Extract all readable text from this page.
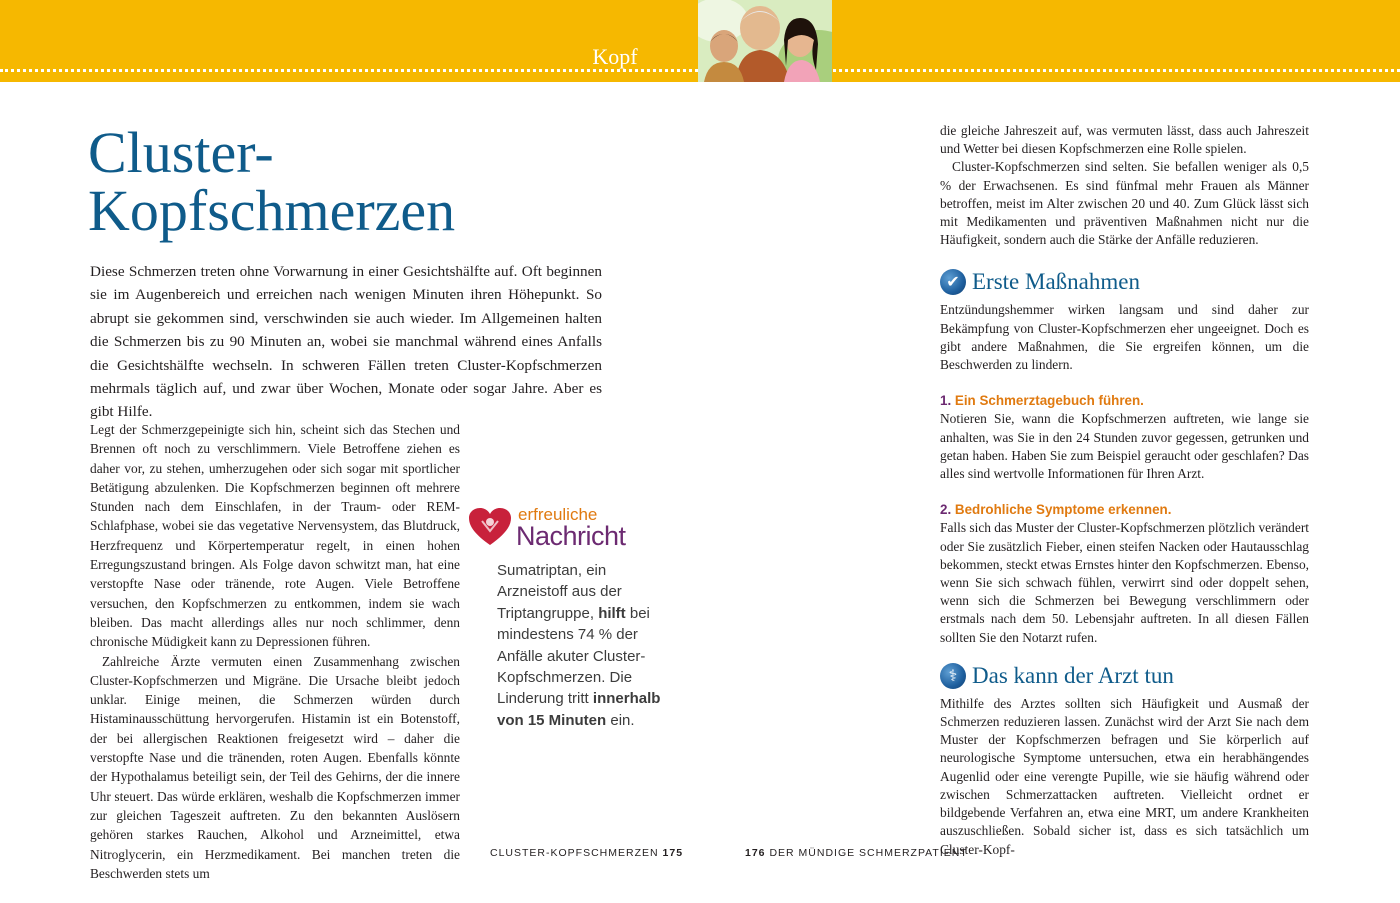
Kopf
Cluster-
Kopfschmerzen
Diese Schmerzen treten ohne Vorwarnung in einer Gesichtshälfte auf. Oft beginnen sie im Augenbereich und erreichen nach wenigen Minuten ihren Höhepunkt. So abrupt sie gekommen sind, verschwinden sie auch wieder. Im Allgemeinen halten die Schmerzen bis zu 90 Minuten an, wobei sie manchmal während eines Anfalls die Gesichtshälfte wechseln. In schweren Fällen treten Cluster-Kopfschmerzen mehrmals täglich auf, und zwar über Wochen, Monate oder sogar Jahre. Aber es gibt Hilfe.

Legt der Schmerzgepeinigte sich hin, scheint sich das Stechen und Brennen oft noch zu verschlimmern. Viele Betroffene ziehen es daher vor, zu stehen, umherzugehen oder sich sogar mit sportlicher Betätigung abzulenken. Die Kopfschmerzen beginnen oft mehrere Stunden nach dem Einschlafen, in der Traum- oder REM-Schlafphase, wobei sie das vegetative Nervensystem, das Blutdruck, Herzfrequenz und Körpertemperatur regelt, in einen hohen Erregungszustand bringen. Als Folge davon schwitzt man, hat eine verstopfte Nase oder tränende, rote Augen. Viele Betroffene versuchen, den Kopfschmerzen zu entkommen, indem sie wach bleiben. Das macht allerdings alles nur noch schlimmer, denn chronische Müdigkeit kann zu Depressionen führen.

Zahlreiche Ärzte vermuten einen Zusammenhang zwischen Cluster-Kopfschmerzen und Migräne. Die Ursache bleibt jedoch unklar. Einige meinen, die Schmerzen würden durch Histaminausschüttung hervorgerufen. Histamin ist ein Botenstoff, der bei allergischen Reaktionen freigesetzt wird – daher die verstopfte Nase und die tränenden, roten Augen. Ebenfalls könnte der Hypothalamus beteiligt sein, der Teil des Gehirns, der die innere Uhr steuert. Das würde erklären, weshalb die Kopfschmerzen immer zur gleichen Tageszeit auftreten. Zu den bekannten Auslösern gehören starkes Rauchen, Alkohol und Arzneimittel, etwa Nitroglycerin, ein Herzmedikament. Bei manchen treten die Beschwerden stets um

erfreuliche
Nachricht
Sumatriptan, ein Arzneistoff aus der Triptangruppe, hilft bei mindestens 74 % der Anfälle akuter Cluster-Kopfschmerzen. Die Linderung tritt innerhalb von 15 Minuten ein.

die gleiche Jahreszeit auf, was vermuten lässt, dass auch Jahreszeit und Wetter bei diesen Kopfschmerzen eine Rolle spielen.

Cluster-Kopfschmerzen sind selten. Sie befallen weniger als 0,5 % der Erwachsenen. Es sind fünfmal mehr Frauen als Männer betroffen, meist im Alter zwischen 20 und 40. Zum Glück lässt sich mit Medikamenten und präventiven Maßnahmen nicht nur die Häufigkeit, sondern auch die Stärke der Anfälle reduzieren.

✔ Erste Maßnahmen

Entzündungshemmer wirken langsam und sind daher zur Bekämpfung von Cluster-Kopfschmerzen eher ungeeignet. Doch es gibt andere Maßnahmen, die Sie ergreifen können, um die Beschwerden zu lindern.

1. Ein Schmerztagebuch führen.

Notieren Sie, wann die Kopfschmerzen auftreten, wie lange sie anhalten, was Sie in den 24 Stunden zuvor gegessen, getrunken und getan haben. Haben Sie zum Beispiel geraucht oder geschlafen? Das alles sind wertvolle Informationen für Ihren Arzt.

2. Bedrohliche Symptome erkennen.

Falls sich das Muster der Cluster-Kopfschmerzen plötzlich verändert oder Sie zusätzlich Fieber, einen steifen Nacken oder Hautausschlag bekommen, steckt etwas Ernstes hinter den Kopfschmerzen. Ebenso, wenn Sie sich schwach fühlen, verwirrt sind oder doppelt sehen, wenn sich die Schmerzen bei Bewegung verschlimmern oder erstmals nach dem 50. Lebensjahr auftreten. In all diesen Fällen sollten Sie den Notarzt rufen.

⚕ Das kann der Arzt tun

Mithilfe des Arztes sollten sich Häufigkeit und Ausmaß der Schmerzen reduzieren lassen. Zunächst wird der Arzt Sie nach dem Muster der Kopfschmerzen befragen und Sie körperlich auf neurologische Symptome untersuchen, etwa ein herabhängendes Augenlid oder eine verengte Pupille, wie sie häufig während oder zwischen Schmerzattacken auftreten. Vielleicht ordnet er bildgebende Verfahren an, etwa eine MRT, um andere Krankheiten auszuschließen. Sobald sicher ist, dass es sich tatsächlich um Cluster-Kopf-

CLUSTER-KOPFSCHMERZEN 175	176 DER MÜNDIGE SCHMERZPATIENT
